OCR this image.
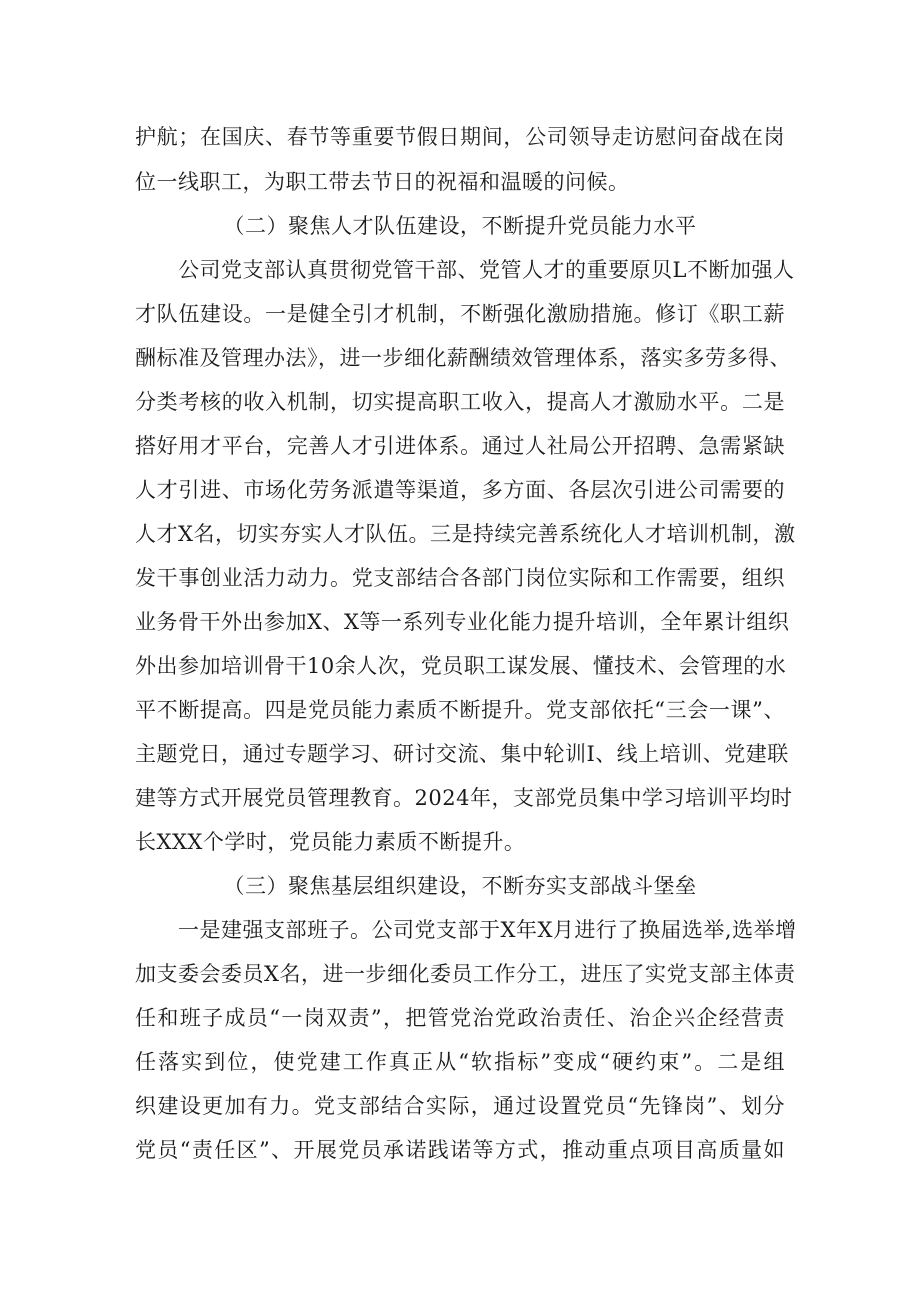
护航；在国庆、春节等重要节假日期间，公司领导走访慰问奋战在岗
位一线职工，为职工带去节日的祝福和温暖的问候。
（二）聚焦人才队伍建设，不断提升党员能力水平
公司党支部认真贯彻党管干部、党管人才的重要原贝L不断加强人
才队伍建设。一是健全引才机制，不断强化激励措施。修订《职工薪
酬标准及管理办法》，进一步细化薪酬绩效管理体系，落实多劳多得、
分类考核的收入机制，切实提高职工收入，提高人才激励水平。二是
搭好用才平台，完善人才引进体系。通过人社局公开招聘、急需紧缺
人才引进、市场化劳务派遣等渠道，多方面、各层次引进公司需要的
人才X名，切实夯实人才队伍。三是持续完善系统化人才培训机制，激
发干事创业活力动力。党支部结合各部门岗位实际和工作需要，组织
业务骨干外出参加X、X等一系列专业化能力提升培训，全年累计组织
外出参加培训骨干10余人次，党员职工谋发展、懂技术、会管理的水
平不断提高。四是党员能力素质不断提升。党支部依托“三会一课”、
主题党日，通过专题学习、研讨交流、集中轮训I、线上培训、党建联
建等方式开展党员管理教育。2024年，支部党员集中学习培训平均时
长XXX个学时，党员能力素质不断提升。
（三）聚焦基层组织建设，不断夯实支部战斗堡垒
一是建强支部班子。公司党支部于X年X月进行了换届选举,选举增
加支委会委员X名，进一步细化委员工作分工，进压了实党支部主体责
任和班子成员“一岗双责”，把管党治党政治责任、治企兴企经营责
任落实到位，使党建工作真正从“软指标”变成“硬约束”。二是组
织建设更加有力。党支部结合实际，通过设置党员“先锋岗”、划分
党员“责任区”、开展党员承诺践诺等方式，推动重点项目高质量如
